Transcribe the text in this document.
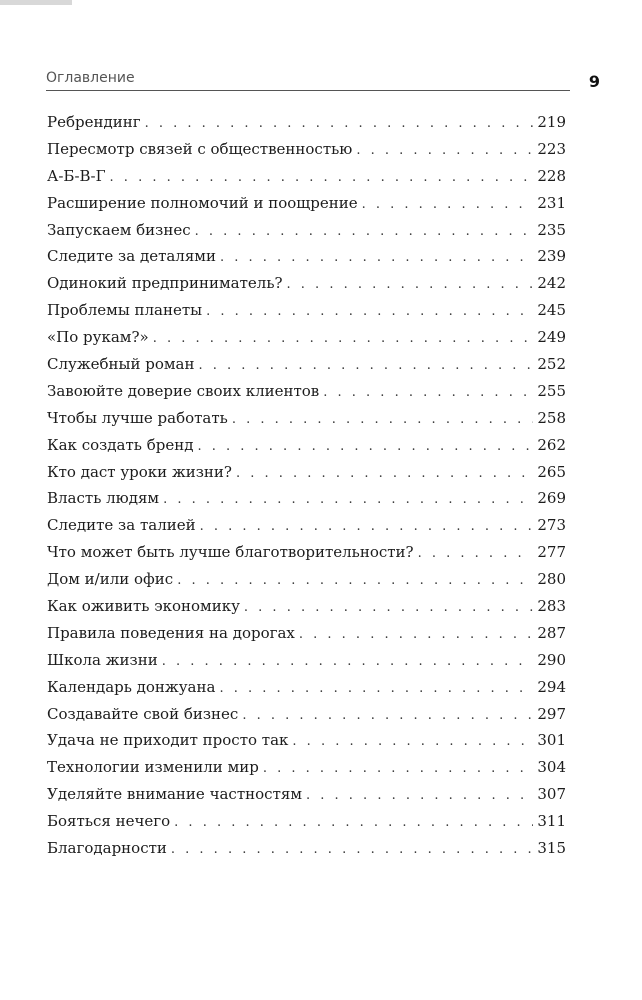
Оглавление	9
Ребрендинг . . .	219
Пересмотр связей с общественностью . . .	223
А-Б-В-Г . . .	228
Расширение полномочий и поощрение . . .	231
Запускаем бизнес . . .	235
Следите за деталями . . .	239
Одинокий предприниматель? . . .	242
Проблемы планеты . . .	245
«По рукам?» . . .	249
Служебный роман . . .	252
Завоюйте доверие своих клиентов . . .	255
Чтобы лучше работать . . .	258
Как создать бренд . . .	262
Кто даст уроки жизни? . . .	265
Власть людям . . .	269
Следите за талией . . .	273
Что может быть лучше благотворительности? . . .	277
Дом и/или офис . . .	280
Как оживить экономику . . .	283
Правила поведения на дорогах . . .	287
Школа жизни . . .	290
Календарь донжуана . . .	294
Создавайте свой бизнес . . .	297
Удача не приходит просто так . . .	301
Технологии изменили мир . . .	304
Уделяйте внимание частностям . . .	307
Бояться нечего . . .	311
Благодарности . . .	315
